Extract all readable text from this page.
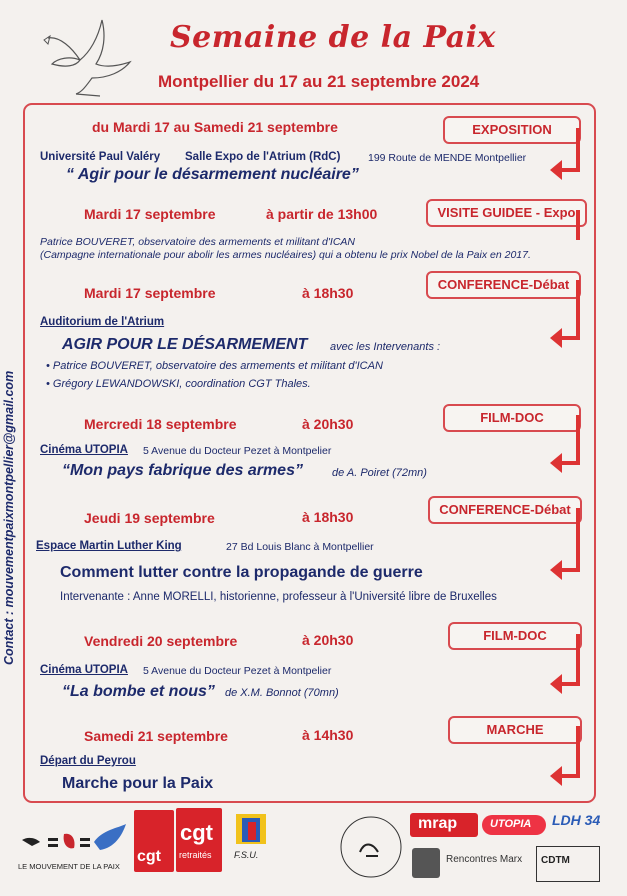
Semaine de la Paix
Montpellier du 17 au 21 septembre 2024
Contact : mouvementpaixmontpellier@gmail.com
du Mardi 17 au Samedi 21 septembre	EXPOSITION
Université Paul Valéry Salle Expo de l'Atrium (RdC)	199 Route de MENDE Montpellier
“ Agir pour le désarmement nucléaire”
Mardi 17 septembre	à partir de 13h00	VISITE GUIDEE - Expo
Patrice BOUVERET, observatoire des armements et militant d'ICAN
(Campagne internationale pour abolir les armes nucléaires) qui a obtenu le prix Nobel de la Paix en 2017.
Mardi 17 septembre	à 18h30
CONFERENCE-Débat
Auditorium de l'Atrium
AGIR POUR LE DÉSARMEMENT avec les Intervenants :
• Patrice BOUVERET, observatoire des armements et militant d'ICAN
• Grégory LEWANDOWSKI, coordination CGT Thales.
Mercredi 18 septembre	à 20h30	FILM-DOC
Cinéma UTOPIA 5 Avenue du Docteur Pezet à Montpelier
“Mon pays fabrique des armes”	de A. Poiret (72mn)
Jeudi 19 septembre	à 18h30	CONFERENCE-Débat
Espace Martin Luther King	27 Bd Louis Blanc à Montpellier
Comment lutter contre la propagande de guerre
Intervenante : Anne MORELLI, historienne, professeur à l'Université libre de Bruxelles
Vendredi 20 septembre	à 20h30	FILM-DOC
Cinéma UTOPIA 5 Avenue du Docteur Pezet à Montpelier
“La bombe et nous” de X.M. Bonnot (70mn)
Samedi 21 septembre	à 14h30	MARCHE
Départ du Peyrou
Marche pour la Paix
LE MOUVEMENT DE LA PAIX
cgt
cgt
retraités F.S.U.
mrap	UTOPIA LDH 34
Rencontres Marx CDTM
